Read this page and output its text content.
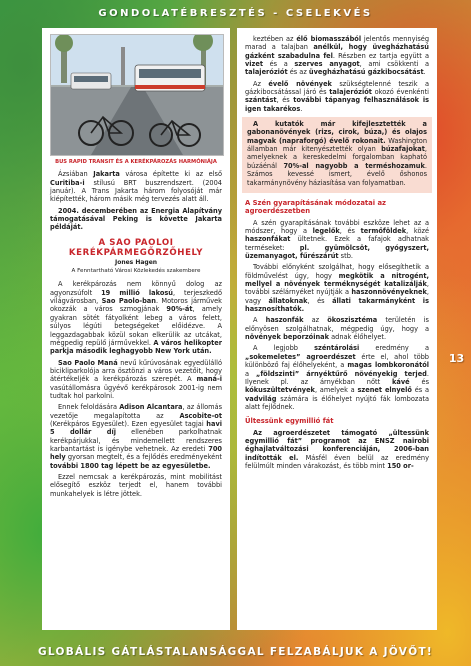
GONDOLATÉBRESZTÉS - CSELEKVÉS
BUS RAPID TRANSIT ÉS A KERÉKPÁROZÁS HARMÓNIÁJA

Ázsiában Jakarta városa építette ki az első Curitiba-i stílusú BRT buszrendszert. (2004 január). A Trans Jakarta három folyosóját már kiépítették, három másik még tervezés alatt áll.

2004. decemberében az Energia Alapítvány támogatásával Peking is követte Jakarta példáját.

A SAO PAOLOI KERÉKPÁRMEGŐRZŐHELY
Jones Hagen
A Fenntartható Városi Közlekedés szakembere

A kerékpározás nem könnyű dolog az agyonzsúfolt 19 millió lakosú, terjeszkedő világvárosban, Sao Paolo-ban. Motoros járművek okozzák a város szmogjának 90%-át, amely gyakran sötét fátyolként lebeg a város felett, súlyos légúti betegségeket előidézve. A leggazdagabbak közül sokan elkerülik az utcákat, mégpedig repülő járművekkel. A város helikopter parkja második leghagyobb New York után.

Sao Paolo Maná nevű kűrúvosának egyedülálló bicikliparkolója arra ösztönzi a város vezetőit, hogy átértékeljék a kerékpározás szerepét. A maná-i vasútállomásra ügyévő kerékpárosok 2001-ig nem tudtak hol parkolni.

Ennek feloldására Adison Alcantara, az állomás vezetője megalapította az Ascobite-ot (Kerékpáros Egyesület). Ezen egyesület tagjai havi 5 dollár díj ellenében parkolhatnak kerékpárjukkal, és mindemellett rendszeres karbantartást is igénybe vehetnek. Az eredeti 700 hely gyorsan megtelt, és a fejlődés eredményeként további 1800 tag lépett be az egyesületbe.

Ezzel nemcsak a kerékpározás, mint mobilitást elősegítő eszköz terjedt el, hanem további munkahelyek is létre jöttek.

keztében az élő biomasszából jelentős mennyiség marad a talajban anélkül, hogy üvegházhatású gázként szabadulna fel. Részben ez tartja együtt a vizet és a szerves anyagot, ami csökkenti a talajeróziót és az üvegházhatású gázkibocsátást.

Az évelő növények szükségtelenné teszik a gázkibocsátással járó és talajeróziót okozó évenkénti szántást, és további tápanyag felhasználások is igen takarékos.

A kutatók már kifejlesztették a gabonanövények (rizs, cirok, búza,) és olajos magvak (napraforgó) évelő rokonait. Washington államban már kitenyésztették olyan búzafajokat, amelyeknek a kereskedelmi forgalomban kapható búzáénál 70%-al nagyobb a terméshozamuk. Számos kevessé ismert, évelő őshonos takarmánynövény háziasítása van folyamatban.

A Szén gyarapításának módozatai az agroerdészetben

A szén gyarapításának további eszköze lehet az a módszer, hogy a legelők, és termőföldek, közé haszonfákat ültetnek. Ezek a fafajok adhatnak terméseket: pl. gyümölcsöt, gyógyszert, üzemanyagot, fűrészárút stb.

További előnyként szolgálhat, hogy elősegíthetik a földművelést úgy, hogy megkötik a nitrogént, mellyel a növények terméknységét katalizálják, további szélárnyéket nyújtják a haszonnövényeknek, vagy állatoknak, és állati takarmányként is hasznosíthatók.

A haszonfák az ökoszisztéma területén is előnyösen szolgálhatnak, mégpedig úgy, hogy a növények beporzóinak adnak élőhelyet.

A legjobb széntárolási eredmény a „sokemeletes” agroerdészet érte el, ahol több különböző faj élőhelyeként, a magas lombkoronától a „földszinti” árnyéktűrő növényekig terjed. Ilyenek pl. az árnyékban nőtt kávé és kókuszültetvények, amelyek a szenet elnyelő és a vadvilág számára is élőhelyet nyújtó fák lombozata alatt fejlődnek.

Ültessünk egymillió fát

Az agroerdészetet támogató „ültessünk egymillió fát” programot az ENSZ nairobi éghajlatváltozási konferenciáján, 2006-ban indították el. Másfél éven belül az eredmény felülmúlt minden várakozást, és több mint 150 or-

13
GLOBÁLIS GÁTLÁSTALANSÁGGAL FELZABÁLJUK A JÖVŐT!
